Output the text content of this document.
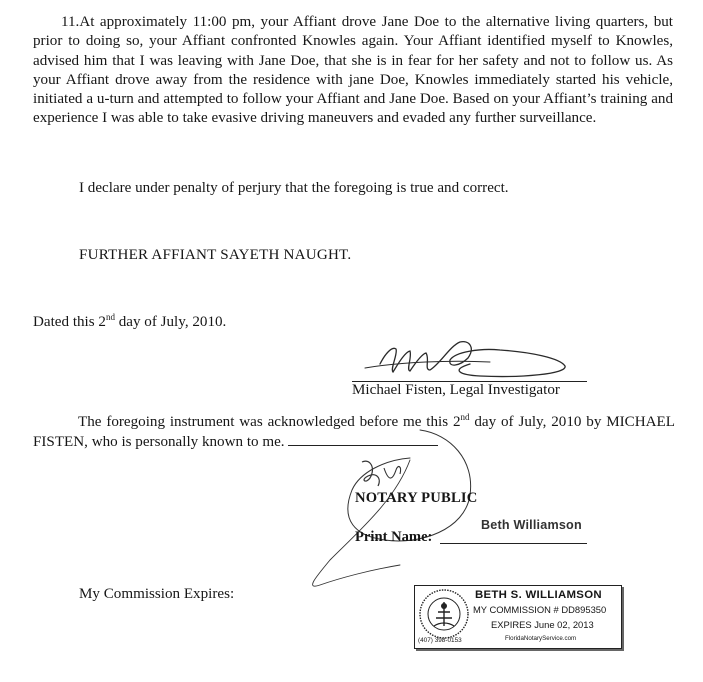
11.At approximately 11:00 pm, your Affiant drove Jane Doe to the alternative living quarters, but prior to doing so, your Affiant confronted Knowles again. Your Affiant identified myself to Knowles, advised him that I was leaving with Jane Doe, that she is in fear for her safety and not to follow us. As your Affiant drove away from the residence with jane Doe, Knowles immediately started his vehicle, initiated a u-turn and attempted to follow your Affiant and Jane Doe. Based on your Affiant’s training and experience I was able to take evasive driving maneuvers and evaded any further surveillance.
I declare under penalty of perjury that the foregoing is true and correct.
FURTHER AFFIANT SAYETH NAUGHT.
Dated this 2nd day of July, 2010.
Michael Fisten, Legal Investigator
The foregoing instrument was acknowledged before me this 2nd day of July, 2010 by MICHAEL FISTEN, who is personally known to me.
NOTARY PUBLIC
Beth Williamson
Print Name:
My Commission Expires:	BETH S. WILLIAMSON
MY COMMISSION # DD895350
EXPIRES June 02, 2013
(407) 398-0153	FloridaNotaryService.com
